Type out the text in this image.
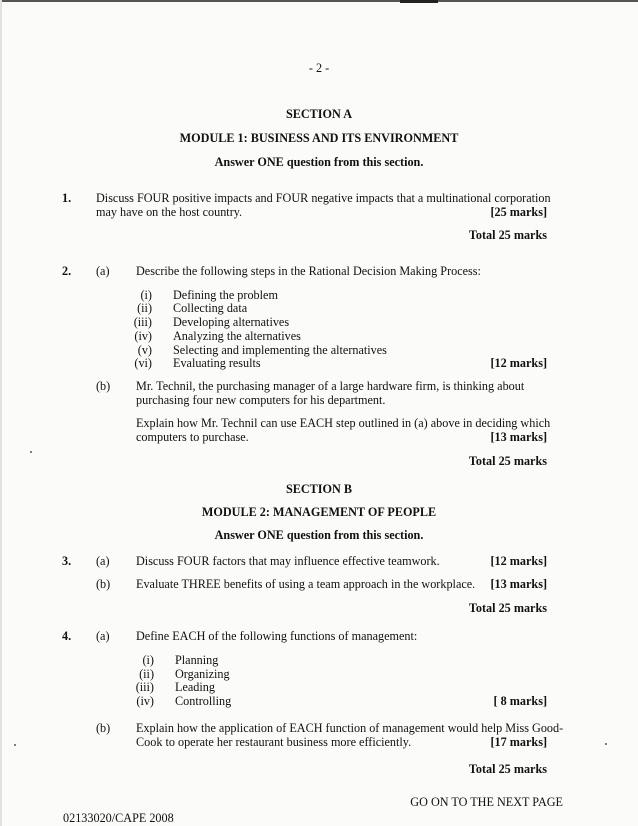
- 2 -
SECTION A
MODULE 1: BUSINESS AND ITS ENVIRONMENT
Answer ONE question from this section.
1. Discuss FOUR positive impacts and FOUR negative impacts that a multinational corporation
may have on the host country.	[25 marks]
Total 25 marks
2. (a) Describe the following steps in the Rational Decision Making Process:
(i) Defining the problem
(ii) Collecting data
(iii) Developing alternatives
(iv) Analyzing the alternatives
(v) Selecting and implementing the alternatives
(vi) Evaluating results	[12 marks]
(b) Mr. Technil, the purchasing manager of a large hardware firm, is thinking about
purchasing four new computers for his department.
Explain how Mr. Technil can use EACH step outlined in (a) above in deciding which
computers to purchase.	[13 marks]
Total 25 marks
SECTION B
MODULE 2: MANAGEMENT OF PEOPLE
Answer ONE question from this section.
3. (a) Discuss FOUR factors that may influence effective teamwork.	[12 marks]
(b) Evaluate THREE benefits of using a team approach in the workplace.	[13 marks]
Total 25 marks
4. (a) Define EACH of the following functions of management:
(i) Planning
(ii) Organizing
(iii) Leading
(iv) Controlling	[ 8 marks]
(b) Explain how the application of EACH function of management would help Miss Good-
Cook to operate her restaurant business more efficiently.	[17 marks]
Total 25 marks
GO ON TO THE NEXT PAGE
02133020/CAPE 2008
